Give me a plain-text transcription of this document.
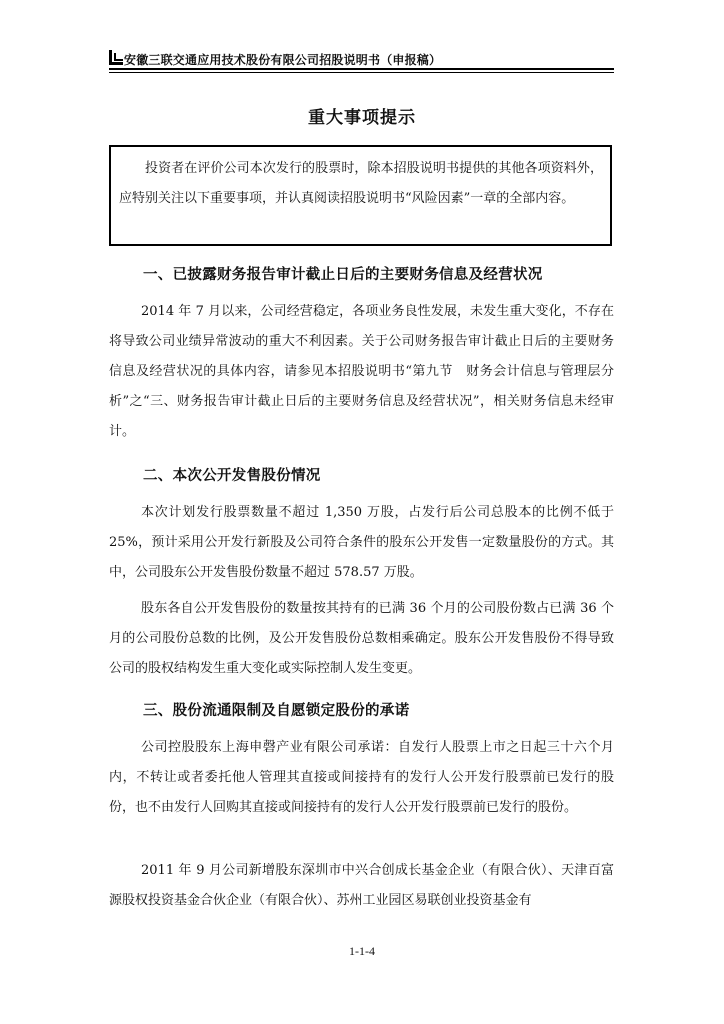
安徽三联交通应用技术股份有限公司招股说明书（申报稿）
重大事项提示
投资者在评价公司本次发行的股票时，除本招股说明书提供的其他各项资料外，应特别关注以下重要事项，并认真阅读招股说明书“风险因素”一章的全部内容。
一、已披露财务报告审计截止日后的主要财务信息及经营状况
2014 年 7 月以来，公司经营稳定，各项业务良性发展，未发生重大变化，不存在将导致公司业绩异常波动的重大不利因素。关于公司财务报告审计截止日后的主要财务信息及经营状况的具体内容，请参见本招股说明书“第九节　财务会计信息与管理层分析”之“三、财务报告审计截止日后的主要财务信息及经营状况”，相关财务信息未经审计。
二、本次公开发售股份情况
本次计划发行股票数量不超过 1,350 万股，占发行后公司总股本的比例不低于 25%，预计采用公开发行新股及公司符合条件的股东公开发售一定数量股份的方式。其中，公司股东公开发售股份数量不超过 578.57 万股。
股东各自公开发售股份的数量按其持有的已满 36 个月的公司股份数占已满 36 个月的公司股份总数的比例，及公开发售股份总数相乘确定。股东公开发售股份不得导致公司的股权结构发生重大变化或实际控制人发生变更。
三、股份流通限制及自愿锁定股份的承诺
公司控股股东上海申磬产业有限公司承诺：自发行人股票上市之日起三十六个月内，不转让或者委托他人管理其直接或间接持有的发行人公开发行股票前已发行的股份，也不由发行人回购其直接或间接持有的发行人公开发行股票前已发行的股份。
2011 年 9 月公司新增股东深圳市中兴合创成长基金企业（有限合伙）、天津百富源股权投资基金合伙企业（有限合伙）、苏州工业园区易联创业投资基金有
1-1-4
